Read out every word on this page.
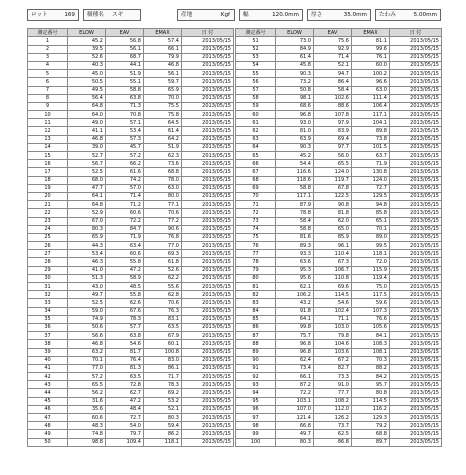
ロット	169 樹種名 スギ	産地	Kgf 幅	120.0mm 厚さ	35.0mm たわみ	5.00mm
測定番号	ELOW	EAV	EMAX	日 付
1	45.2	56.8	57.4	2013/05/15
2	39.5	56.1	66.1	2013/05/15
3	52.6	68.7	79.9	2013/05/15
4	40.3	44.1	46.8	2013/05/15
5	45.0	51.9	56.1	2013/05/15
6	50.5	55.1	59.7	2013/05/15
7	49.5	58.8	65.9	2013/05/15
8	56.4	63.8	70.0	2013/05/15
9	64.8	71.3	75.5	2013/05/15
10	64.0	70.8	75.8	2013/05/15
11	49.0	57.1	64.5	2013/05/15
12	41.1	53.4	61.4	2013/05/15
13	46.8	57.3	64.2	2013/05/15
14	39.0	45.7	51.9	2013/05/15
15	52.7	57.2	62.3	2013/05/15
16	56.7	66.2	73.6	2013/05/15
17	52.5	61.6	68.8	2013/05/15
18	68.0	74.2	78.0	2013/05/15
19	47.7	57.0	63.0	2013/05/15
20	64.1	71.4	80.0	2013/05/15
21	64.8	71.2	77.1	2013/05/15
22	52.9	60.6	70.6	2013/05/15
23	67.0	72.2	77.2	2013/05/15
24	80.3	84.7	90.6	2013/05/15
25	65.9	71.9	76.8	2013/05/15
26	44.3	63.4	77.0	2013/05/15
27	53.4	60.6	69.3	2013/05/15
28	46.3	55.8	61.8	2013/05/15
29	41.0	47.2	52.6	2013/05/15
30	51.3	58.9	62.2	2013/05/15
31	43.0	48.5	55.6	2013/05/15
32	49.7	55.8	62.8	2013/05/15
33	52.5	62.6	70.6	2013/05/15
34	59.0	67.6	76.3	2013/05/15
35	74.9	78.3	83.1	2013/05/15
36	50.6	57.7	63.5	2013/05/15
37	56.6	63.8	67.9	2013/05/15
38	46.8	54.6	60.1	2013/05/15
39	63.2	81.7	100.8	2013/05/15
40	70.1	76.4	83.0	2013/05/15
41	77.0	81.3	86.1	2013/05/15
42	57.2	63.5	71.7	2013/05/15
43	65.5	72.8	78.3	2013/05/15
44	56.2	62.7	69.2	2013/05/15
45	31.6	47.2	53.2	2013/05/15
46	35.6	48.4	52.1	2013/05/15
47	60.6	72.7	80.3	2013/05/15
48	48.3	54.0	59.4	2013/05/15
49	74.8	79.7	86.2	2013/05/15
50	98.8	109.4	118.1	2013/05/15
測定番号	ELOW	EAV	EMAX	日 付
51	73.0	75.6	81.1	2013/05/15
52	84.9	92.9	99.6	2013/05/15
53	61.4	71.4	76.1	2013/05/15
54	45.8	52.1	60.0	2013/05/15
55	90.3	94.7	100.2	2013/05/15
56	73.2	86.4	96.6	2013/05/15
57	50.8	58.4	63.0	2013/05/15
58	98.1	102.6	111.4	2013/05/15
59	68.6	88.6	106.4	2013/05/15
60	96.8	107.8	117.1	2013/05/15
61	93.0	97.9	104.1	2013/05/15
62	81.0	83.9	89.8	2013/05/15
63	63.9	69.4	73.8	2013/05/15
64	90.3	97.7	101.5	2013/05/15
65	45.2	56.0	63.7	2013/05/15
66	54.4	65.5	71.9	2013/05/15
67	116.6	124.0	130.8	2013/05/15
68	118.6	119.7	124.0	2013/05/15
69	58.8	67.8	72.7	2013/05/15
70	117.1	122.5	129.5	2013/05/15
71	87.9	90.8	94.8	2013/05/15
72	78.8	81.8	85.8	2013/05/15
73	58.4	62.0	65.1	2013/05/15
74	58.8	65.0	70.1	2013/05/15
75	81.6	85.9	89.0	2013/05/15
76	89.3	96.1	99.5	2013/05/15
77	93.3	110.4	118.1	2013/05/15
78	63.6	67.3	72.0	2013/05/15
79	95.3	106.7	115.9	2013/05/15
80	95.6	110.8	119.4	2013/05/15
81	62.1	69.6	75.0	2013/05/15
82	106.2	114.5	117.5	2013/05/15
83	43.2	54.6	59.6	2013/05/15
84	91.8	102.4	107.3	2013/05/15
85	64.1	71.1	76.6	2013/05/15
86	99.8	103.0	105.6	2013/05/15
87	75.7	79.8	84.1	2013/05/15
88	96.8	104.6	108.3	2013/05/15
89	96.8	103.6	108.1	2013/05/15
90	62.4	67.2	70.3	2013/05/15
91	73.4	82.7	88.2	2013/05/15
92	66.1	73.3	84.2	2013/05/15
93	87.2	91.0	95.7	2013/05/15
94	72.2	77.7	80.8	2013/05/15
95	103.1	108.2	114.5	2013/05/15
96	107.0	112.0	116.2	2013/05/15
97	121.4	126.2	129.3	2013/05/15
98	66.8	73.7	79.2	2013/05/15
99	49.7	62.5	68.8	2013/05/15
100	80.3	86.8	89.7	2013/05/15
